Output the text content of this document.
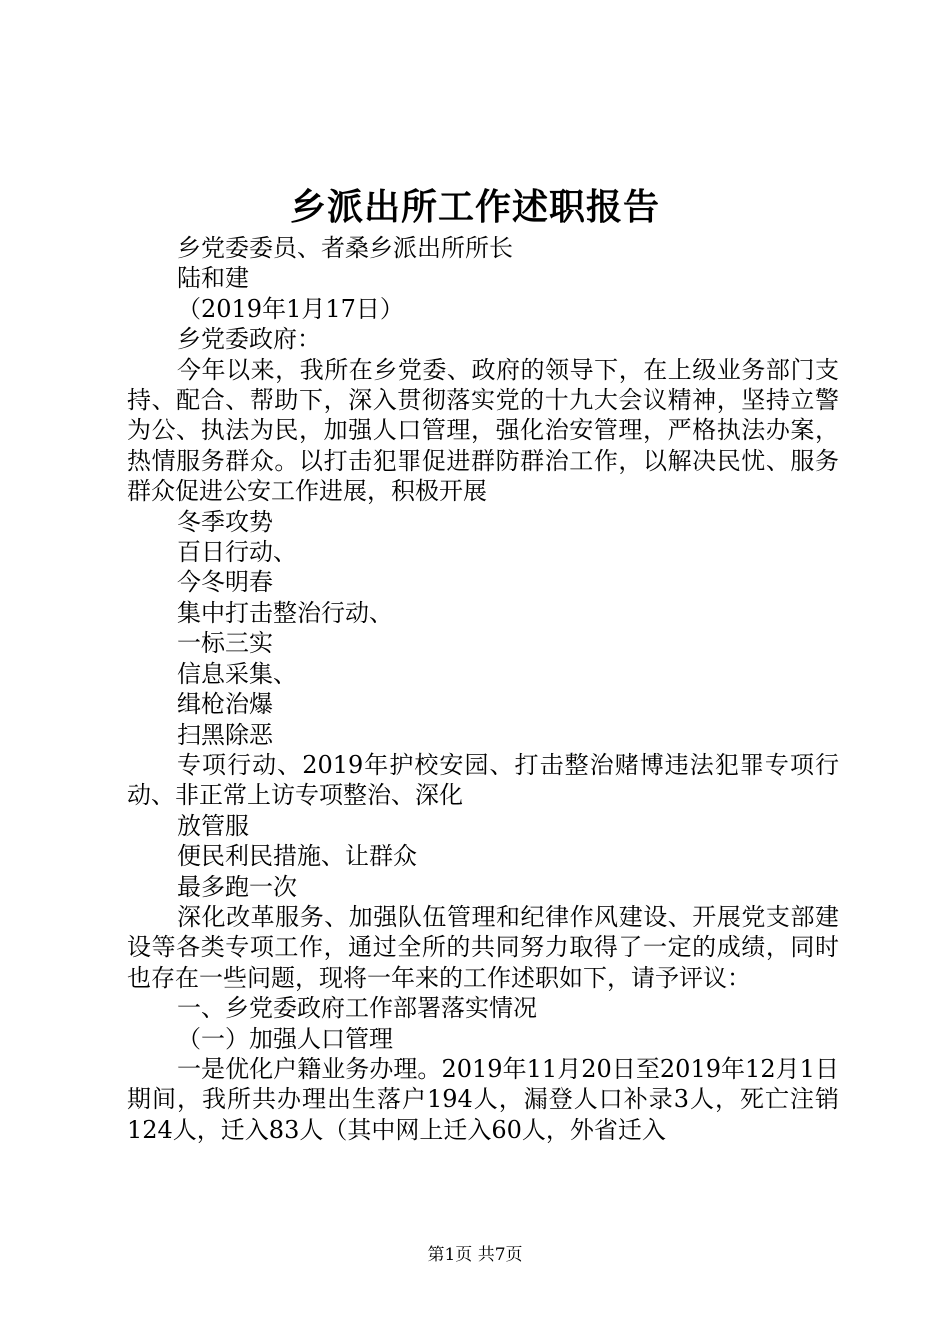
乡派出所工作述职报告

乡党委委员、者桑乡派出所所长

陆和建

（2019年1月17日）

乡党委政府：

今年以来，我所在乡党委、政府的领导下，在上级业务部门支持、配合、帮助下，深入贯彻落实党的十九大会议精神，坚持立警为公、执法为民，加强人口管理，强化治安管理，严格执法办案，热情服务群众。以打击犯罪促进群防群治工作，以解决民忧、服务群众促进公安工作进展，积极开展

冬季攻势

百日行动、

今冬明春

集中打击整治行动、

一标三实

信息采集、

缉枪治爆

扫黑除恶

专项行动、2019年护校安园、打击整治赌博违法犯罪专项行动、非正常上访专项整治、深化

放管服

便民利民措施、让群众

最多跑一次

深化改革服务、加强队伍管理和纪律作风建设、开展党支部建设等各类专项工作，通过全所的共同努力取得了一定的成绩，同时也存在一些问题，现将一年来的工作述职如下，请予评议：

一、乡党委政府工作部署落实情况

（一）加强人口管理

一是优化户籍业务办理。2019年11月20日至2019年12月1日期间，我所共办理出生落户194人，漏登人口补录3人，死亡注销124人，迁入83人（其中网上迁入60人，外省迁入

第1页 共7页
